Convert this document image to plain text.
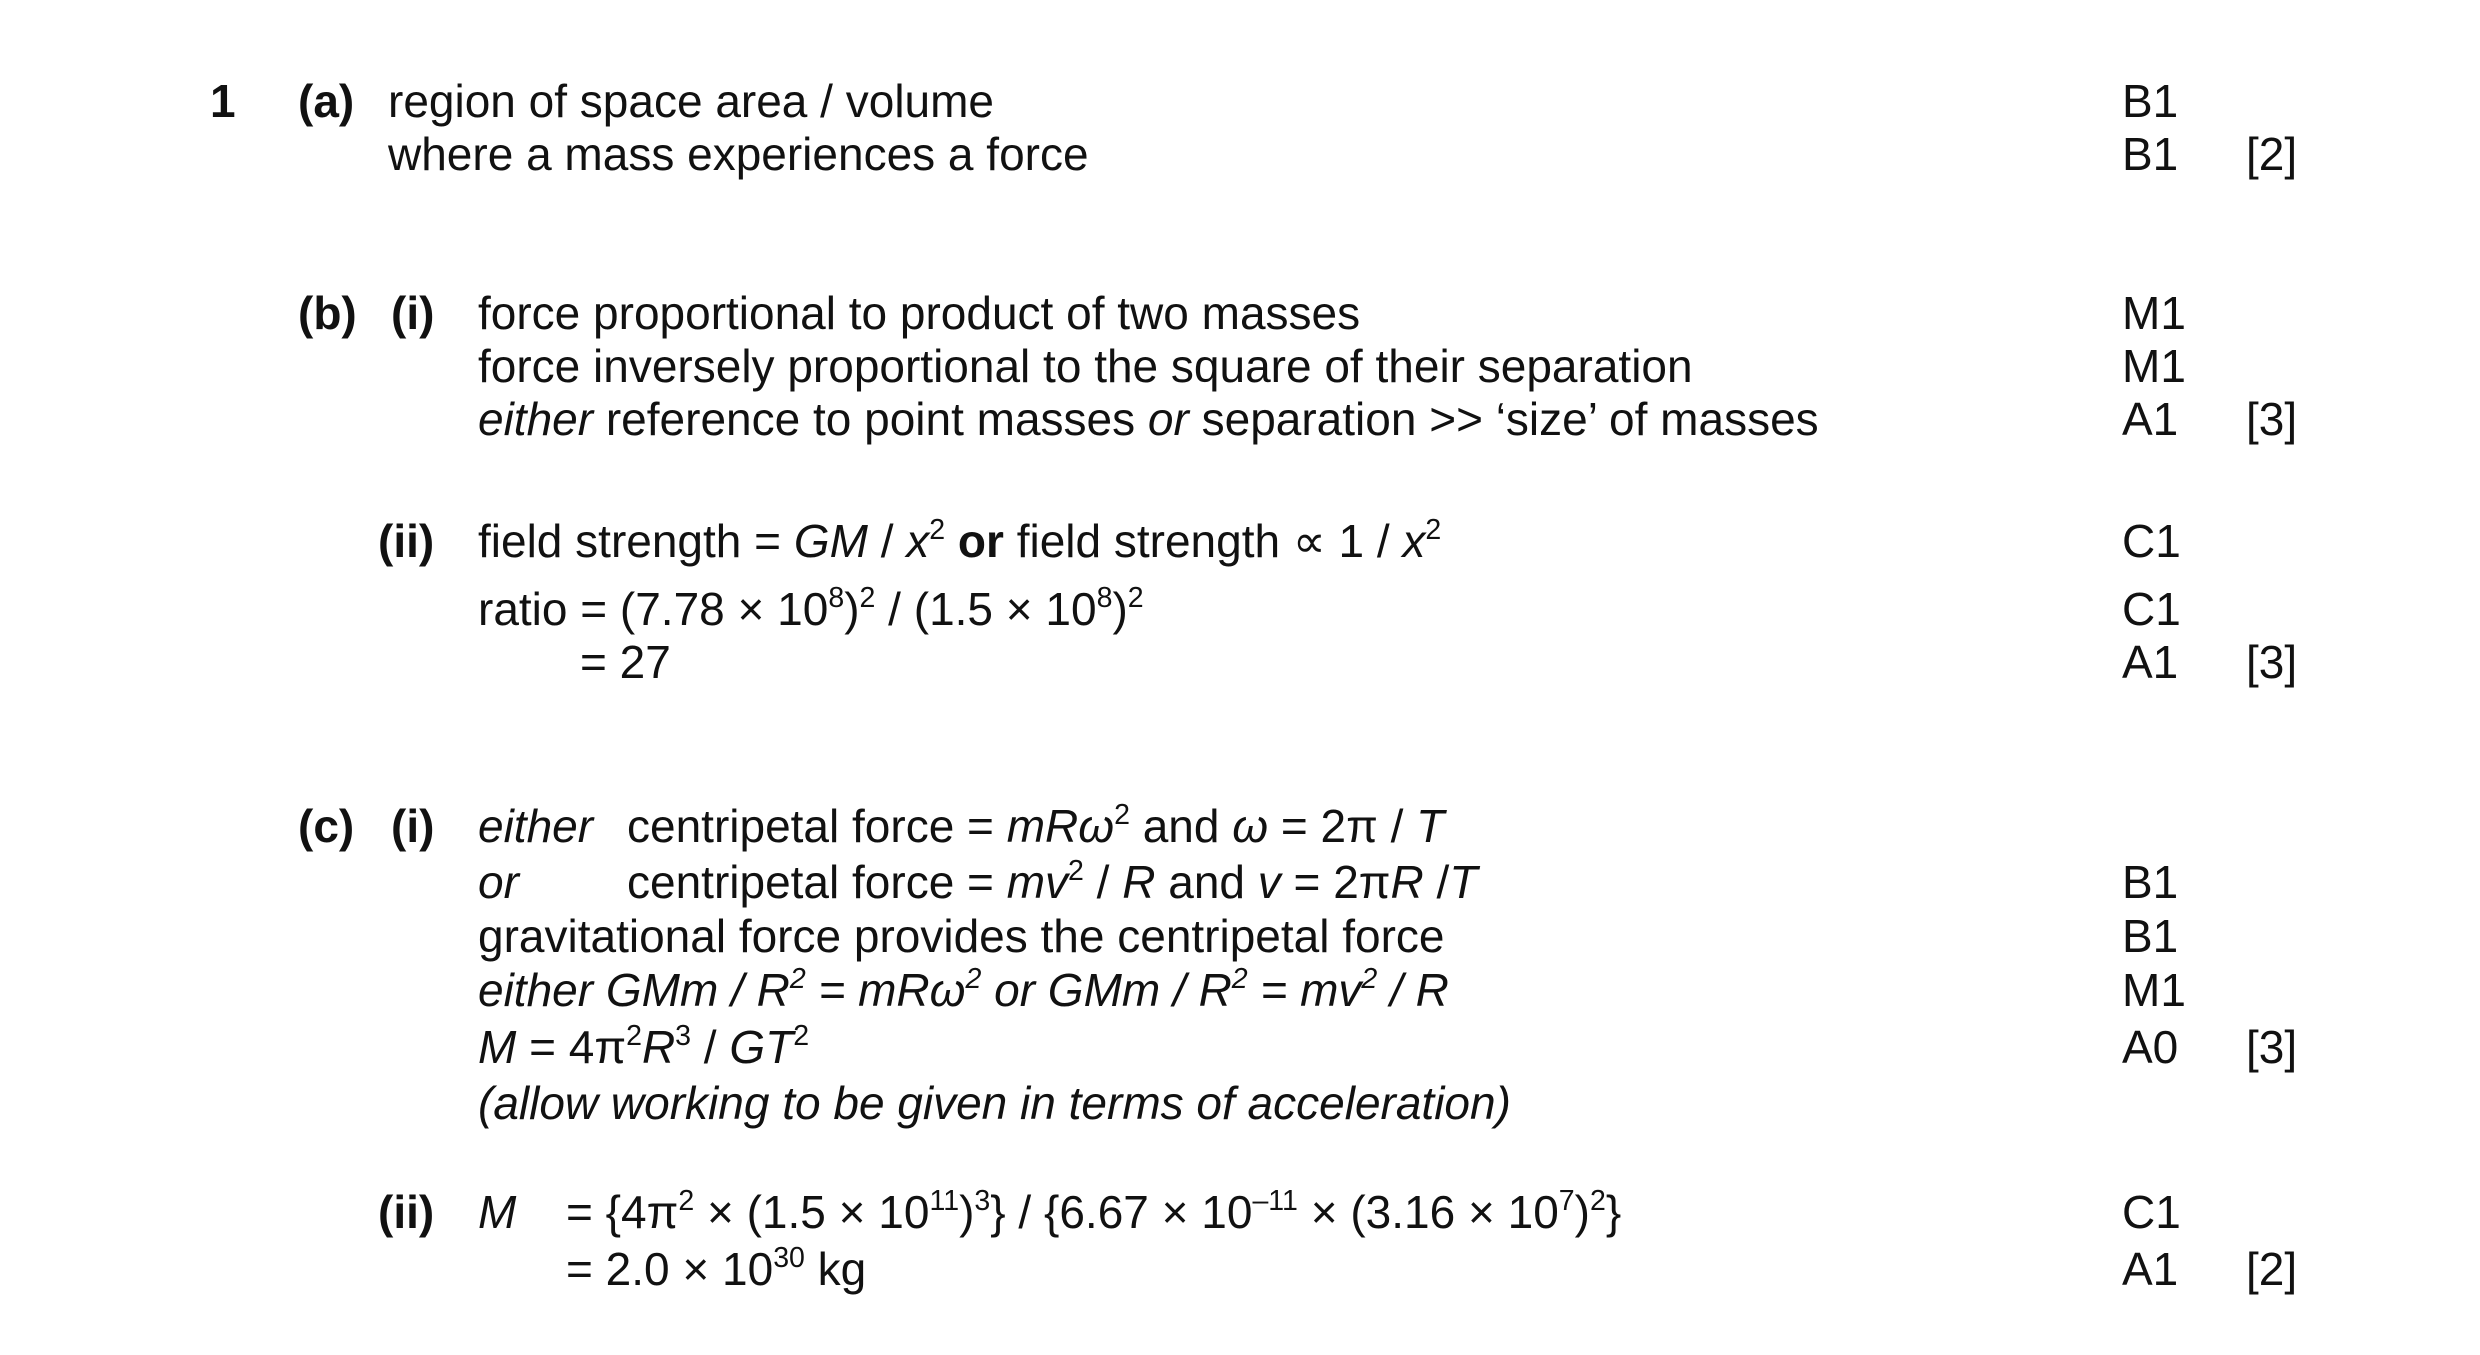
1 (a) region of space area / volume
where a mass experiences a force
B1
B1 [2]
(b) (i) force proportional to product of two masses
force inversely proportional to the square of their separation
either reference to point masses or separation >> ‘size’ of masses
M1
M1
A1 [3]
(ii) field strength = GM / $x^2$ or field strength ∝ $1 / x^2$
ratio = $(7.78 \times 10^8)^2 / (1.5 \times 10^8)^2$
= 27
C1
C1
A1 [3]
(c) (i) either centripetal force = mRω$^2$ and ω = 2π / T
or centripetal force = $mv^2$ / R and v = 2πR /T
gravitational force provides the centripetal force
either GMm / $R^2 = mR\omega^2$ or GMm / $R^2 = mv^2 / R$
$M = 4\pi^2R^3 / GT^2$
(allow working to be given in terms of acceleration)
B1
B1
M1
A0 [3]
(ii) $M = \{4\pi^2 \times (1.5 \times 10^{11})^3\} / \{6.67 \times 10^{-11} \times (3.16 \times 10^7)^2\}$
= $2.0 \times 10^{30}$ kg
C1
A1 [2]
